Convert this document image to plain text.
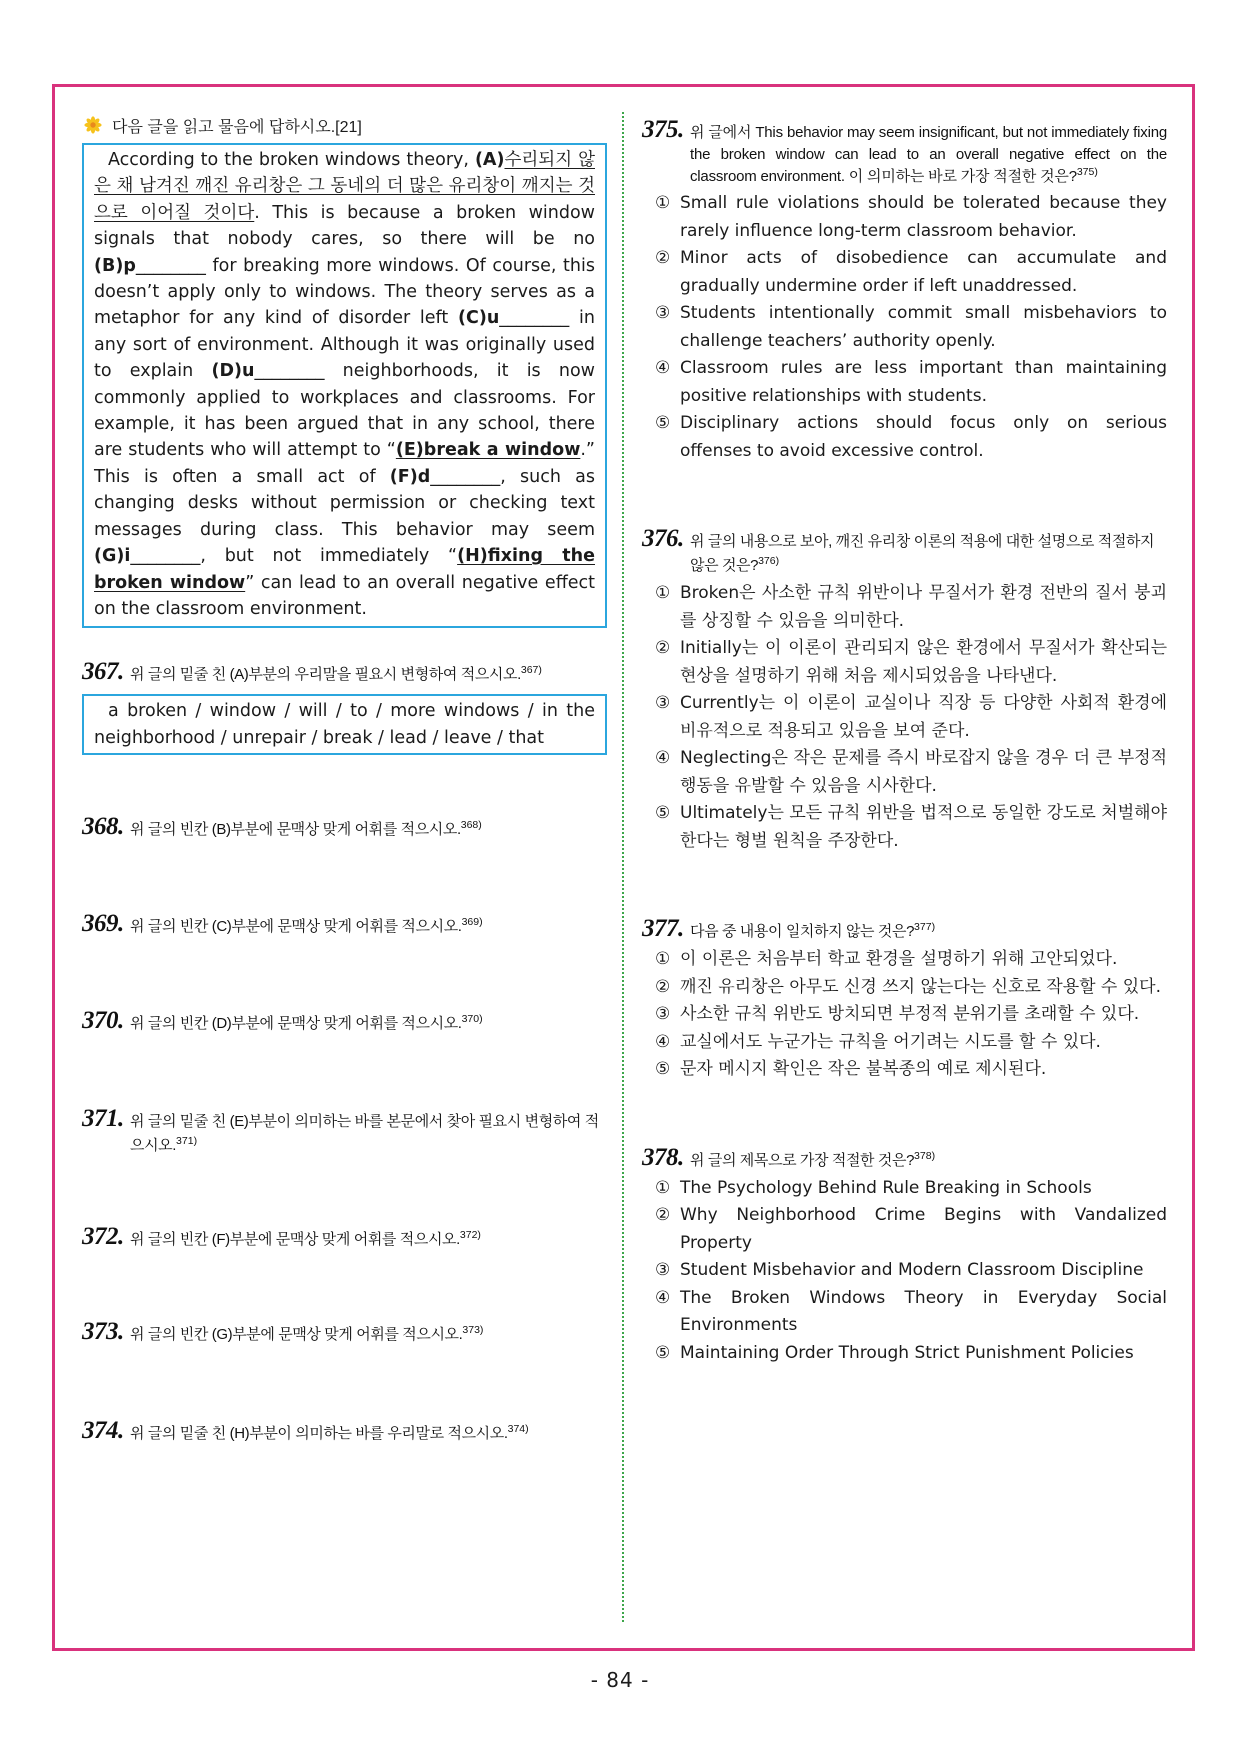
다음 글을 읽고 물음에 답하시오.[21]
According to the broken windows theory, (A)수리되지 않은 채 남겨진 깨진 유리창은 그 동네의 더 많은 유리창이 깨지는 것으로 이어질 것이다. This is because a broken window signals that nobody cares, so there will be no (B)p________ for breaking more windows. Of course, this doesn’t apply only to windows. The theory serves as a metaphor for any kind of disorder left (C)u________ in any sort of environment. Although it was originally used to explain (D)u________ neighborhoods, it is now commonly applied to workplaces and classrooms. For example, it has been argued that in any school, there are students who will attempt to “(E)break a window.” This is often a small act of (F)d________, such as changing desks without permission or checking text messages during class. This behavior may seem (G)i________, but not immediately “(H)fixing the broken window” can lead to an overall negative effect on the classroom environment.
367. 위 글의 밑줄 친 (A)부분의 우리말을 필요시 변형하여 적으시오.$^{367)}$
a broken / window / will / to / more windows / in the neighborhood / unrepair / break / lead / leave / that
368. 위 글의 빈칸 (B)부분에 문맥상 맞게 어휘를 적으시오.$^{368)}$
369. 위 글의 빈칸 (C)부분에 문맥상 맞게 어휘를 적으시오.$^{369)}$
370. 위 글의 빈칸 (D)부분에 문맥상 맞게 어휘를 적으시오.$^{370)}$
371. 위 글의 밑줄 친 (E)부분이 의미하는 바를 본문에서 찾아 필요시 변형하여 적으시오.$^{371)}$
372. 위 글의 빈칸 (F)부분에 문맥상 맞게 어휘를 적으시오.$^{372)}$
373. 위 글의 빈칸 (G)부분에 문맥상 맞게 어휘를 적으시오.$^{373)}$
374. 위 글의 밑줄 친 (H)부분이 의미하는 바를 우리말로 적으시오.$^{374)}$
375. 위 글에서 This behavior may seem insignificant, but not immediately fixing the broken window can lead to an overall negative effect on the classroom environment. 이 의미하는 바로 가장 적절한 것은?$^{375)}$
① Small rule violations should be tolerated because they rarely influence long-term classroom behavior.
② Minor acts of disobedience can accumulate and gradually undermine order if left unaddressed.
③ Students intentionally commit small misbehaviors to challenge teachers’ authority openly.
④ Classroom rules are less important than maintaining positive relationships with students.
⑤ Disciplinary actions should focus only on serious offenses to avoid excessive control.
376. 위 글의 내용으로 보아, 깨진 유리창 이론의 적용에 대한 설명으로 적절하지 않은 것은?$^{376)}$
① Broken은 사소한 규칙 위반이나 무질서가 환경 전반의 질서 붕괴를 상징할 수 있음을 의미한다.
② Initially는 이 이론이 관리되지 않은 환경에서 무질서가 확산되는 현상을 설명하기 위해 처음 제시되었음을 나타낸다.
③ Currently는 이 이론이 교실이나 직장 등 다양한 사회적 환경에 비유적으로 적용되고 있음을 보여 준다.
④ Neglecting은 작은 문제를 즉시 바로잡지 않을 경우 더 큰 부정적 행동을 유발할 수 있음을 시사한다.
⑤ Ultimately는 모든 규칙 위반을 법적으로 동일한 강도로 처벌해야 한다는 형벌 원칙을 주장한다.
377. 다음 중 내용이 일치하지 않는 것은?$^{377)}$
① 이 이론은 처음부터 학교 환경을 설명하기 위해 고안되었다.
② 깨진 유리창은 아무도 신경 쓰지 않는다는 신호로 작용할 수 있다.
③ 사소한 규칙 위반도 방치되면 부정적 분위기를 초래할 수 있다.
④ 교실에서도 누군가는 규칙을 어기려는 시도를 할 수 있다.
⑤ 문자 메시지 확인은 작은 불복종의 예로 제시된다.
378. 위 글의 제목으로 가장 적절한 것은?$^{378)}$
① The Psychology Behind Rule Breaking in Schools
② Why Neighborhood Crime Begins with Vandalized Property
③ Student Misbehavior and Modern Classroom Discipline
④ The Broken Windows Theory in Everyday Social Environments
⑤ Maintaining Order Through Strict Punishment Policies
- 84 -
